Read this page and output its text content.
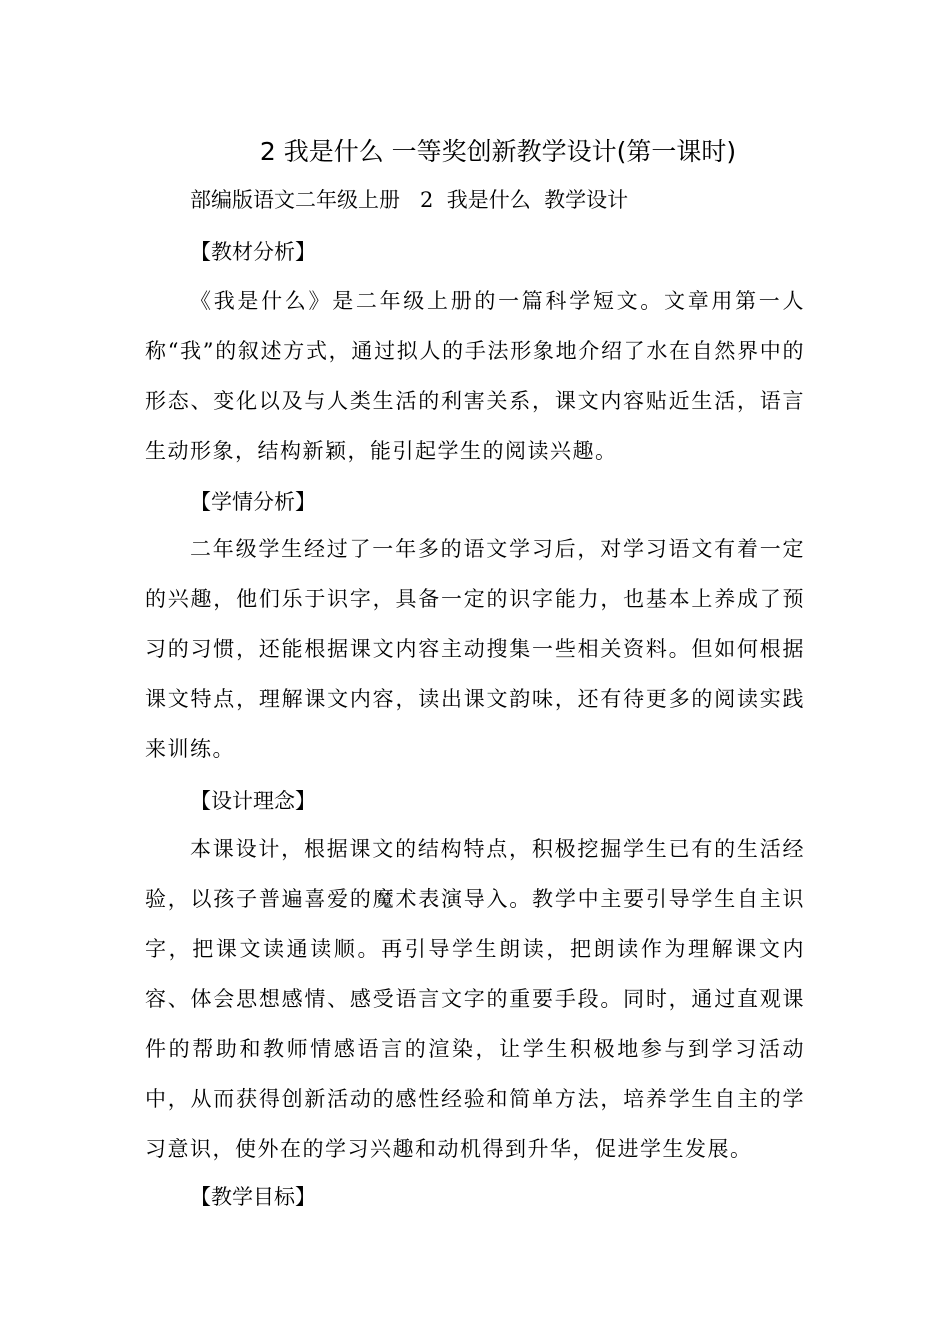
2 我是什么 一等奖创新教学设计(第一课时)
部编版语文二年级上册   2  我是什么  教学设计
【教材分析】
《我是什么》是二年级上册的一篇科学短文。文章用第一人称“我”的叙述方式，通过拟人的手法形象地介绍了水在自然界中的形态、变化以及与人类生活的利害关系，课文内容贴近生活，语言生动形象，结构新颖，能引起学生的阅读兴趣。
【学情分析】
二年级学生经过了一年多的语文学习后，对学习语文有着一定的兴趣，他们乐于识字，具备一定的识字能力，也基本上养成了预习的习惯，还能根据课文内容主动搜集一些相关资料。但如何根据课文特点，理解课文内容，读出课文韵味，还有待更多的阅读实践来训练。
【设计理念】
本课设计，根据课文的结构特点，积极挖掘学生已有的生活经验，以孩子普遍喜爱的魔术表演导入。教学中主要引导学生自主识字，把课文读通读顺。再引导学生朗读，把朗读作为理解课文内容、体会思想感情、感受语言文字的重要手段。同时，通过直观课件的帮助和教师情感语言的渲染，让学生积极地参与到学习活动中，从而获得创新活动的感性经验和简单方法，培养学生自主的学习意识，使外在的学习兴趣和动机得到升华，促进学生发展。
【教学目标】
